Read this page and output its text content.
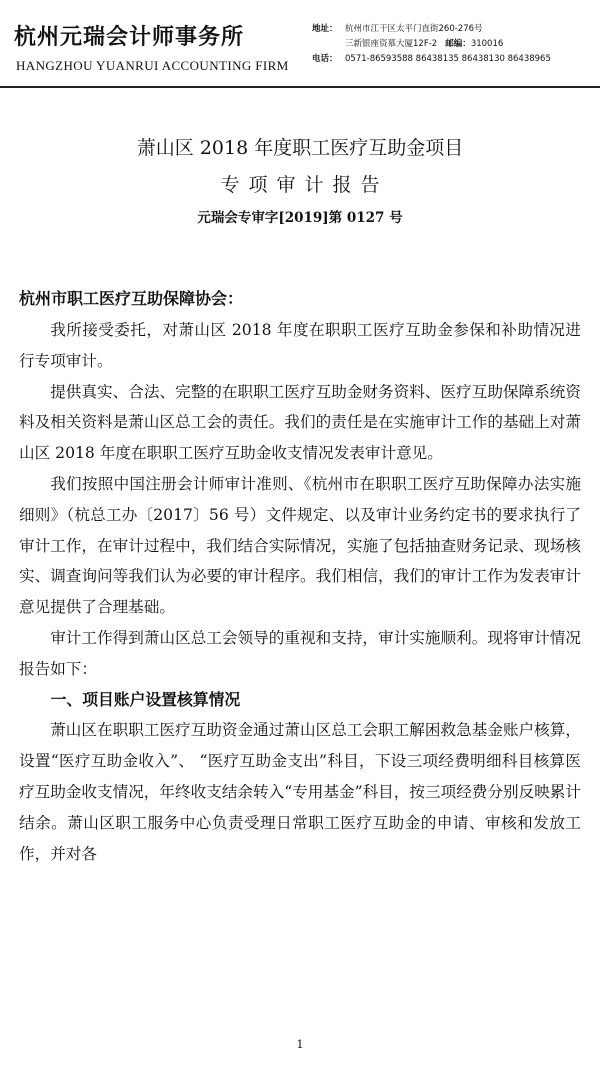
杭州元瑞会计师事务所
HANGZHOU YUANRUI ACCOUNTING FIRM
地址： 杭州市江干区太平门直街260-276号
三新银座资慕大厦12F-2 邮编：310016
电话： 0571-86593588 86438135 86438130 86438965
萧山区 2018 年度职工医疗互助金项目
专项审计报告
元瑞会专审字[2019]第 0127 号
杭州市职工医疗互助保障协会：

我所接受委托，对萧山区 2018 年度在职职工医疗互助金参保和补助情况进行专项审计。

提供真实、合法、完整的在职职工医疗互助金财务资料、医疗互助保障系统资料及相关资料是萧山区总工会的责任。我们的责任是在实施审计工作的基础上对萧山区 2018 年度在职职工医疗互助金收支情况发表审计意见。

我们按照中国注册会计师审计准则、《杭州市在职职工医疗互助保障办法实施细则》（杭总工办〔2017〕56 号）文件规定、以及审计业务约定书的要求执行了审计工作，在审计过程中，我们结合实际情况，实施了包括抽查财务记录、现场核实、调查询问等我们认为必要的审计程序。我们相信，我们的审计工作为发表审计意见提供了合理基础。

审计工作得到萧山区总工会领导的重视和支持，审计实施顺利。现将审计情况报告如下：

一、项目账户设置核算情况

萧山区在职职工医疗互助资金通过萧山区总工会职工解困救急基金账户核算，设置“医疗互助金收入”、 “医疗互助金支出”科目，下设三项经费明细科目核算医疗互助金收支情况，年终收支结余转入“专用基金”科目，按三项经费分别反映累计结余。萧山区职工服务中心负责受理日常职工医疗互助金的申请、审核和发放工作，并对各

1
